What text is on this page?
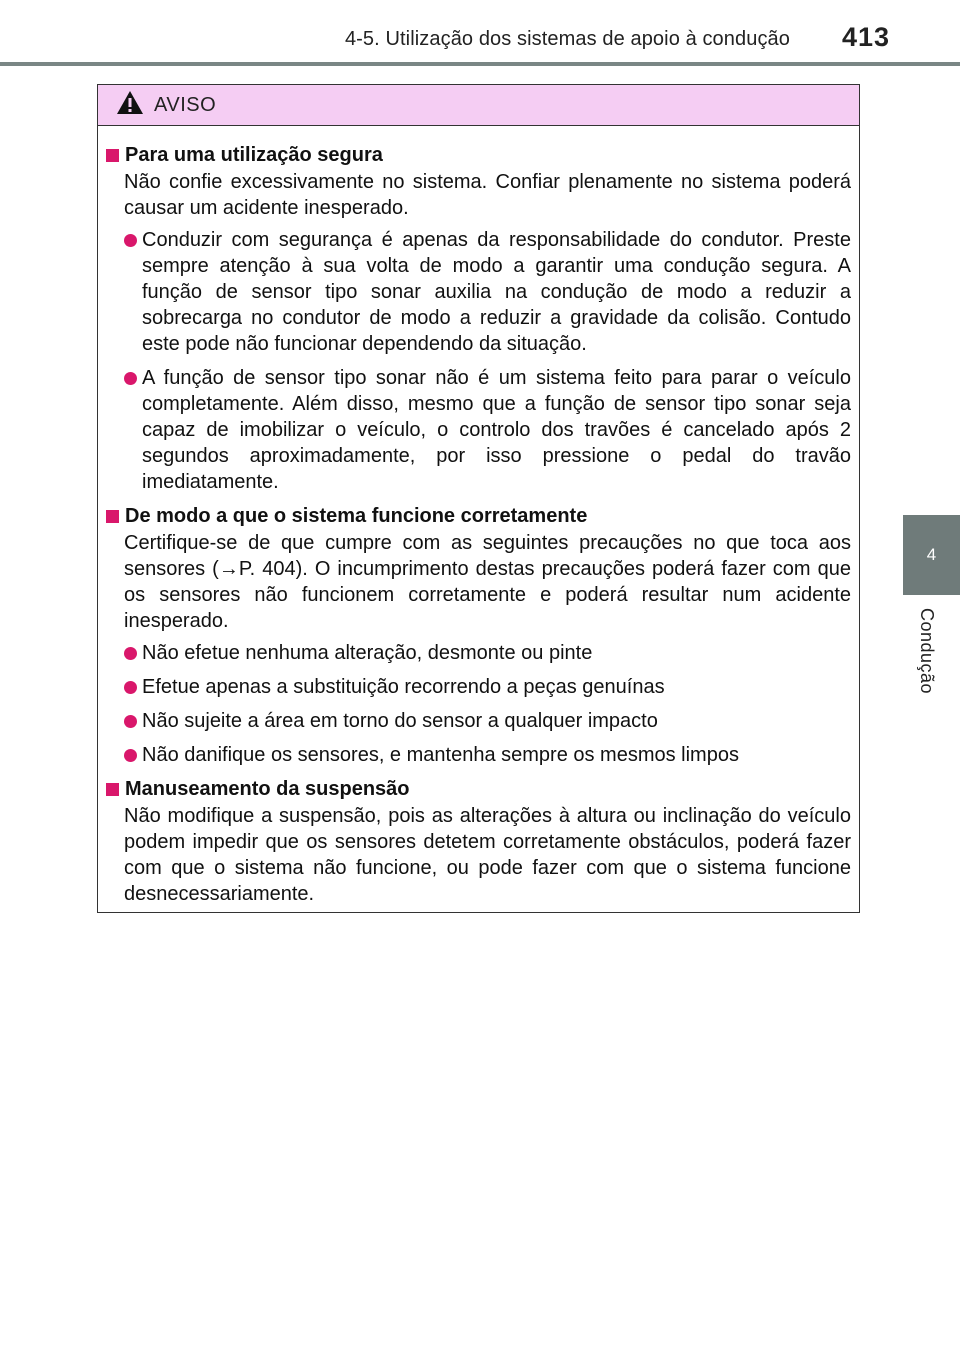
4-5. Utilização dos sistemas de apoio à condução 413
4
Condução
AVISO
Para uma utilização segura

Não confie excessivamente no sistema. Confiar plenamente no sistema poderá causar um acidente inesperado.

Conduzir com segurança é apenas da responsabilidade do condutor. Preste sempre atenção à sua volta de modo a garantir uma condução segura. A função de sensor tipo sonar auxilia na condução de modo a reduzir a sobrecarga no condutor de modo a reduzir a gravidade da colisão. Contudo este pode não funcionar dependendo da situação.
A função de sensor tipo sonar não é um sistema feito para parar o veículo completamente. Além disso, mesmo que a função de sensor tipo sonar seja capaz de imobilizar o veículo, o controlo dos travões é cancelado após 2 segundos aproximadamente, por isso pressione o pedal do travão imediatamente.
De modo a que o sistema funcione corretamente

Certifique-se de que cumpre com as seguintes precauções no que toca aos sensores (→P. 404). O incumprimento destas precauções poderá fazer com que os sensores não funcionem corretamente e poderá resultar num acidente inesperado.

Não efetue nenhuma alteração, desmonte ou pinte
Efetue apenas a substituição recorrendo a peças genuínas
Não sujeite a área em torno do sensor a qualquer impacto
Não danifique os sensores, e mantenha sempre os mesmos limpos
Manuseamento da suspensão

Não modifique a suspensão, pois as alterações à altura ou inclinação do veículo podem impedir que os sensores detetem corretamente obstáculos, poderá fazer com que o sistema não funcione, ou pode fazer com que o sistema funcione desnecessariamente.
